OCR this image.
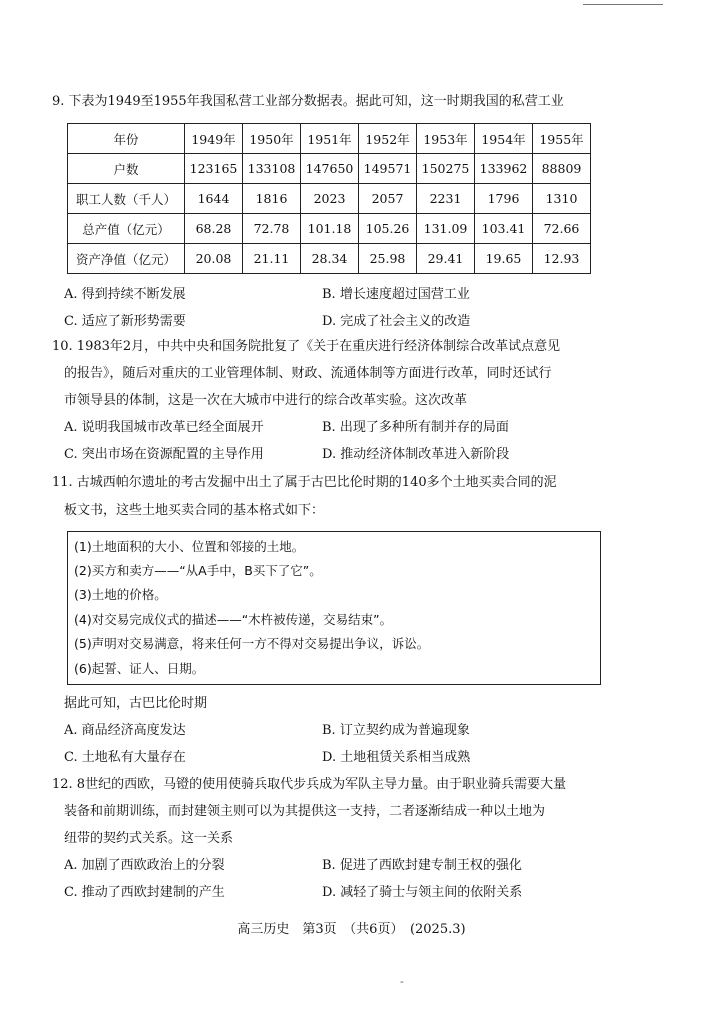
9. 下表为1949至1955年我国私营工业部分数据表。据此可知，这一时期我国的私营工业
年份	1949年	1950年	1951年	1952年	1953年	1954年	1955年
户数	123165	133108	147650	149571	150275	133962	88809
职工人数（千人）	1644	1816	2023	2057	2231	1796	1310
总产值（亿元）	68.28	72.78	101.18	105.26	131.09	103.41	72.66
资产净值（亿元）	20.08	21.11	28.34	25.98	29.41	19.65	12.93
A. 得到持续不断发展	B. 增长速度超过国营工业
C. 适应了新形势需要	D. 完成了社会主义的改造
10. 1983年2月，中共中央和国务院批复了《关于在重庆进行经济体制综合改革试点意见
的报告》，随后对重庆的工业管理体制、财政、流通体制等方面进行改革，同时还试行
市领导县的体制，这是一次在大城市中进行的综合改革实验。这次改革
A. 说明我国城市改革已经全面展开	B. 出现了多种所有制并存的局面
C. 突出市场在资源配置的主导作用	D. 推动经济体制改革进入新阶段
11. 古城西帕尔遗址的考古发掘中出土了属于古巴比伦时期的140多个土地买卖合同的泥
板文书，这些土地买卖合同的基本格式如下：
(1)土地面积的大小、位置和邻接的土地。
(2)买方和卖方——“从A手中，B买下了它”。
(3)土地的价格。
(4)对交易完成仪式的描述——“木杵被传递，交易结束”。
(5)声明对交易满意，将来任何一方不得对交易提出争议，诉讼。
(6)起誓、证人、日期。
据此可知，古巴比伦时期
A. 商品经济高度发达	B. 订立契约成为普遍现象
C. 土地私有大量存在	D. 土地租赁关系相当成熟
12. 8世纪的西欧，马镫的使用使骑兵取代步兵成为军队主导力量。由于职业骑兵需要大量
装备和前期训练，而封建领主则可以为其提供这一支持，二者逐渐结成一种以土地为
纽带的契约式关系。这一关系
A. 加剧了西欧政治上的分裂	B. 促进了西欧封建专制王权的强化
C. 推动了西欧封建制的产生	D. 减轻了骑士与领主间的依附关系
高三历史　第3页　（共6页）　(2025.3)
-
